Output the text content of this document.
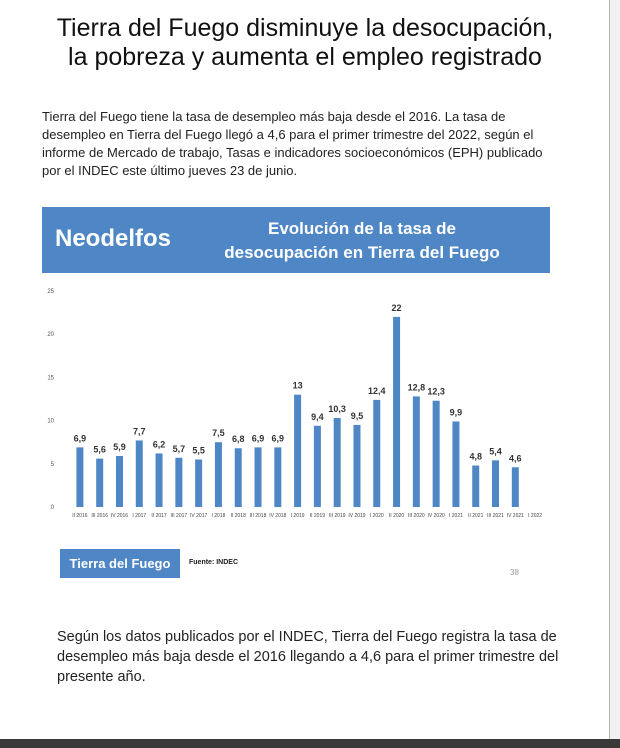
Tierra del Fuego disminuye la desocupación,
la pobreza y aumenta el empleo registrado

Tierra del Fuego tiene la tasa de desempleo más baja desde el 2016. La tasa de desempleo en Tierra del Fuego llegó a 4,6 para el primer trimestre del 2022, según el informe de Mercado de trabajo, Tasas e indicadores socioeconómicos (EPH) publicado por el INDEC este último jueves 23 de junio.

Neodelfos	Evolución de la tasa de
desocupación en Tierra del Fuego
0
5
10
15
20
25
II 2016 III 2016 IV 2016 I 2017 II 2017 III 2017 IV 2017 I 2018 II 2018 III 2018 IV 2018 I 2019 II 2019 III 2019 IV 2019 I 2020 II 2020 III 2020 IV 2020 I 2021 II 2021 III 2021 IV 2021 I 2022
6,9
5,6 5,9
7,7
6,2 5,7 5,5
7,5
6,8 6,9 6,9
13
9,4
10,3
9,5
12,4
22
12,8 12,3
9,9
4,8
5,4
4,6
Tierra del Fuego	Fuente: INDEC
38

Según los datos publicados por el INDEC, Tierra del Fuego registra la tasa de desempleo más baja desde el 2016 llegando a 4,6 para el primer trimestre del presente año.
